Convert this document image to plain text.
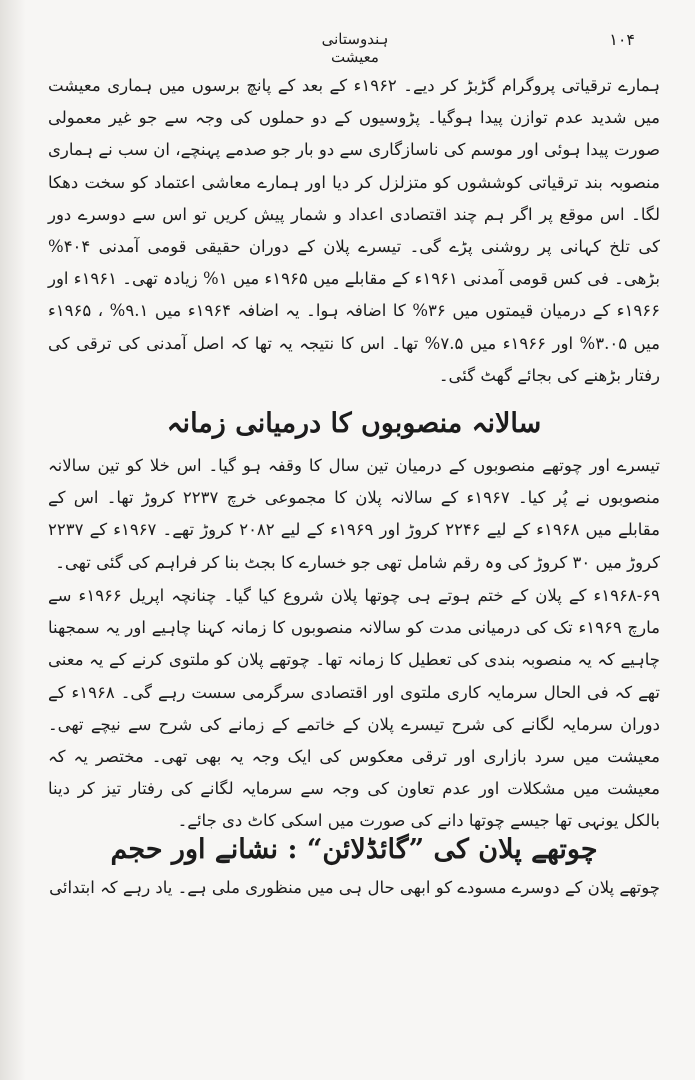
ہندوستانی معیشت
۱۰۴

ہمارے ترقیاتی پروگرام گڑبڑ کر دیے۔ ۱۹۶۲ء کے بعد کے پانچ برسوں میں ہماری معیشت میں شدید عدم توازن پیدا ہوگیا۔ پڑوسیوں کے دو حملوں کی وجہ سے جو غیر معمولی صورت پیدا ہوئی اور موسم کی ناسازگاری سے دو بار جو صدمے پہنچے، ان سب نے ہماری منصوبہ بند ترقیاتی کوششوں کو متزلزل کر دیا اور ہمارے معاشی اعتماد کو سخت دھکا لگا۔ اس موقع پر اگر ہم چند اقتصادی اعداد و شمار پیش کریں تو اس سے دوسرے دور کی تلخ کہانی پر روشنی پڑے گی۔ تیسرے پلان کے دوران حقیقی قومی آمدنی ۴۰۴% بڑھی۔ فی کس قومی آمدنی ۱۹۶۱ء کے مقابلے میں ۱۹۶۵ء میں ۱% زیادہ تھی۔ ۱۹۶۱ء اور ۱۹۶۶ء کے درمیان قیمتوں میں ۳۶% کا اضافہ ہوا۔ یہ اضافہ ۱۹۶۴ء میں ۹.۱% ، ۱۹۶۵ء میں ۳.۰۵% اور ۱۹۶۶ء میں ۷.۵% تھا۔ اس کا نتیجہ یہ تھا کہ اصل آمدنی کی ترقی کی رفتار بڑھنے کی بجائے گھٹ گئی۔

سالانہ منصوبوں کا درمیانی زمانہ

تیسرے اور چوتھے منصوبوں کے درمیان تین سال کا وقفہ ہو گیا۔ اس خلا کو تین سالانہ منصوبوں نے پُر کیا۔ ۱۹۶۷ء کے سالانہ پلان کا مجموعی خرچ ۲۲۳۷ کروڑ تھا۔ اس کے مقابلے میں ۱۹۶۸ء کے لیے ۲۲۴۶ کروڑ اور ۱۹۶۹ء کے لیے ۲۰۸۲ کروڑ تھے۔ ۱۹۶۷ء کے ۲۲۳۷ کروڑ میں ۳۰ کروڑ کی وہ رقم شامل تھی جو خسارے کا بجٹ بنا کر فراہم کی گئی تھی۔

۱۹۶۸-۶۹ء کے پلان کے ختم ہوتے ہی چوتھا پلان شروع کیا گیا۔ چنانچہ اپریل ۱۹۶۶ء سے مارچ ۱۹۶۹ء تک کی درمیانی مدت کو سالانہ منصوبوں کا زمانہ کہنا چاہیے اور یہ سمجھنا چاہیے کہ یہ منصوبہ بندی کی تعطیل کا زمانہ تھا۔ چوتھے پلان کو ملتوی کرنے کے یہ معنی تھے کہ فی الحال سرمایہ کاری ملتوی اور اقتصادی سرگرمی سست رہے گی۔ ۱۹۶۸ء کے دوران سرمایہ لگانے کی شرح تیسرے پلان کے خاتمے کے زمانے کی شرح سے نیچے تھی۔ معیشت میں سرد بازاری اور ترقی معکوس کی ایک وجہ یہ بھی تھی۔ مختصر یہ کہ معیشت میں مشکلات اور عدم تعاون کی وجہ سے سرمایہ لگانے کی رفتار تیز کر دینا بالکل یونہی تھا جیسے چوتھا دانے کی صورت میں اسکی کاٹ دی جائے۔

چوتھے پلان کی ”گائڈلائن“ : نشانے اور حجم

چوتھے پلان کے دوسرے مسودے کو ابھی حال ہی میں منظوری ملی ہے۔ یاد رہے کہ ابتدائی
